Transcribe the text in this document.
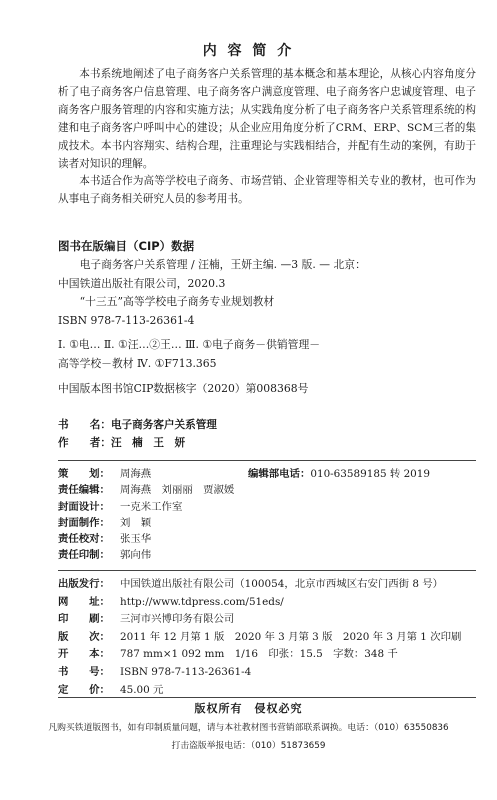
内 容 简 介

本书系统地阐述了电子商务客户关系管理的基本概念和基本理论，从核心内容角度分析了电子商务客户信息管理、电子商务客户满意度管理、电子商务客户忠诚度管理、电子商务客户服务管理的内容和实施方法；从实践角度分析了电子商务客户关系管理系统的构建和电子商务客户呼叫中心的建设；从企业应用角度分析了CRM、ERP、SCM三者的集成技术。本书内容翔实、结构合理，注重理论与实践相结合，并配有生动的案例，有助于读者对知识的理解。

本书适合作为高等学校电子商务、市场营销、企业管理等相关专业的教材，也可作为从事电子商务相关研究人员的参考用书。

图书在版编目（CIP）数据
电子商务客户关系管理 / 汪楠，王妍主编. —3 版. — 北京：
中国铁道出版社有限公司，2020.3
“十三五”高等学校电子商务专业规划教材
ISBN 978-7-113-26361-4
Ⅰ. ①电… Ⅱ. ①汪…②王… Ⅲ. ①电子商务－供销管理－
高等学校－教材 Ⅳ. ①F713.365
中国版本图书馆CIP数据核字（2020）第008368号
书　　名：电子商务客户关系管理
作　　者：汪　楠　王　妍
策　　划： 周海燕	编辑部电话：010-63589185 转 2019
责任编辑： 周海燕　刘丽丽　贾淑媛
封面设计： 一克米工作室
封面制作： 刘　颖
责任校对： 张玉华
责任印制： 郭向伟
出版发行： 中国铁道出版社有限公司（100054，北京市西城区右安门西街 8 号）
网　　址： http://www.tdpress.com/51eds/
印　　刷： 三河市兴博印务有限公司
版　　次： 2011 年 12 月第 1 版　2020 年 3 月第 3 版　2020 年 3 月第 1 次印刷
开　　本： 787 mm×1 092 mm　1/16　印张：15.5　字数：348 千
书　　号： ISBN 978-7-113-26361-4
定　　价： 45.00 元
版权所有　侵权必究
凡购买铁道版图书，如有印制质量问题，请与本社教材图书营销部联系调换。电话：（010）63550836
打击盗版举报电话：（010）51873659
